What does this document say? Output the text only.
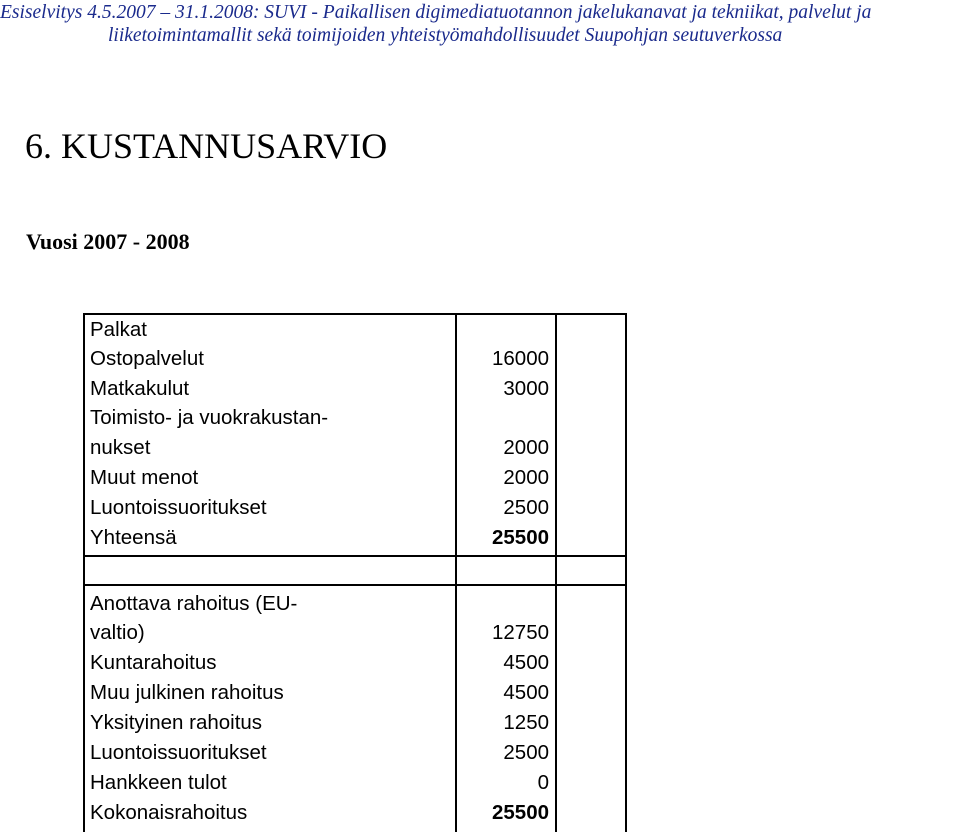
Esiselvitys 4.5.2007 – 31.1.2008: SUVI - Paikallisen digimediatuotannon jakelukanavat ja tekniikat, palvelut ja
liiketoimintamallit sekä toimijoiden yhteistyömahdollisuudet Suupohjan seutuverkossa
6. KUSTANNUSARVIO
Vuosi 2007 - 2008
Palkat
Ostopalvelut	16000
Matkakulut	3000
Toimisto- ja vuokrakustan-
nukset	2000
Muut menot	2000
Luontoissuoritukset	2500
Yhteensä	25500
Anottava rahoitus (EU-
valtio)	12750
Kuntarahoitus	4500
Muu julkinen rahoitus	4500
Yksityinen rahoitus	1250
Luontoissuoritukset	2500
Hankkeen tulot	0
Kokonaisrahoitus	25500
